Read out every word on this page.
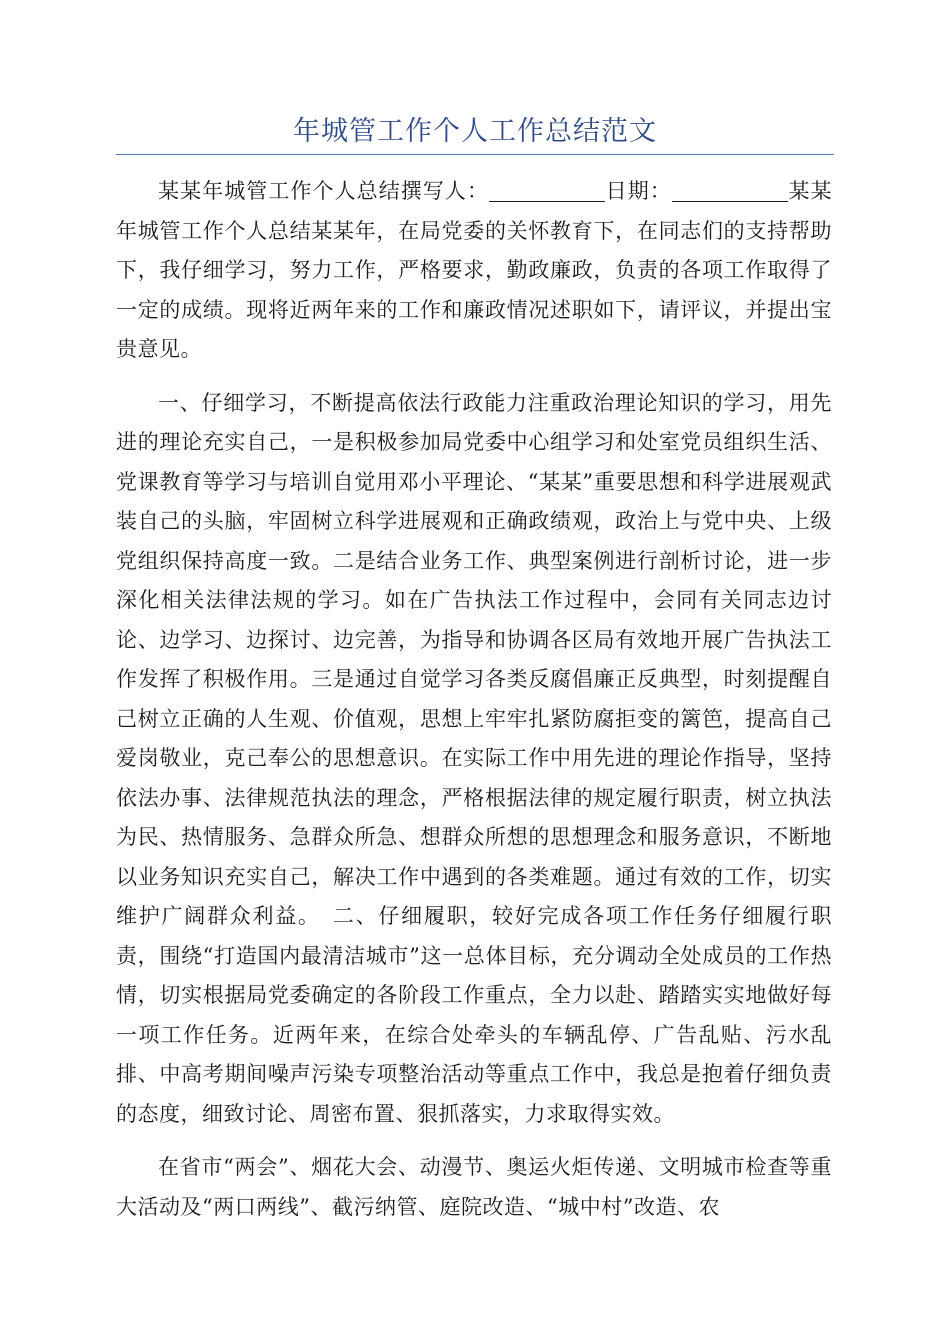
年城管工作个人工作总结范文

某某年城管工作个人总结撰写人：	日期：	某某年城管工作个人总结某某年，在局党委的关怀教育下，在同志们的支持帮助下，我仔细学习，努力工作，严格要求，勤政廉政，负责的各项工作取得了一定的成绩。现将近两年来的工作和廉政情况述职如下，请评议，并提出宝贵意见。

一、仔细学习，不断提高依法行政能力注重政治理论知识的学习，用先进的理论充实自己，一是积极参加局党委中心组学习和处室党员组织生活、党课教育等学习与培训自觉用邓小平理论、“某某”重要思想和科学进展观武装自己的头脑，牢固树立科学进展观和正确政绩观，政治上与党中央、上级党组织保持高度一致。二是结合业务工作、典型案例进行剖析讨论，进一步深化相关法律法规的学习。如在广告执法工作过程中，会同有关同志边讨论、边学习、边探讨、边完善，为指导和协调各区局有效地开展广告执法工作发挥了积极作用。三是通过自觉学习各类反腐倡廉正反典型，时刻提醒自己树立正确的人生观、价值观，思想上牢牢扎紧防腐拒变的篱笆，提高自己爱岗敬业，克己奉公的思想意识。在实际工作中用先进的理论作指导，坚持依法办事、法律规范执法的理念，严格根据法律的规定履行职责，树立执法为民、热情服务、急群众所急、想群众所想的思想理念和服务意识，不断地以业务知识充实自己，解决工作中遇到的各类难题。通过有效的工作，切实维护广阔群众利益。　二、仔细履职，较好完成各项工作任务仔细履行职责，围绕“打造国内最清洁城市”这一总体目标，充分调动全处成员的工作热情，切实根据局党委确定的各阶段工作重点，全力以赴、踏踏实实地做好每一项工作任务。近两年来，在综合处牵头的车辆乱停、广告乱贴、污水乱排、中高考期间噪声污染专项整治活动等重点工作中，我总是抱着仔细负责的态度，细致讨论、周密布置、狠抓落实，力求取得实效。

在省市“两会”、烟花大会、动漫节、奥运火炬传递、文明城市检查等重大活动及“两口两线”、截污纳管、庭院改造、“城中村”改造、农
